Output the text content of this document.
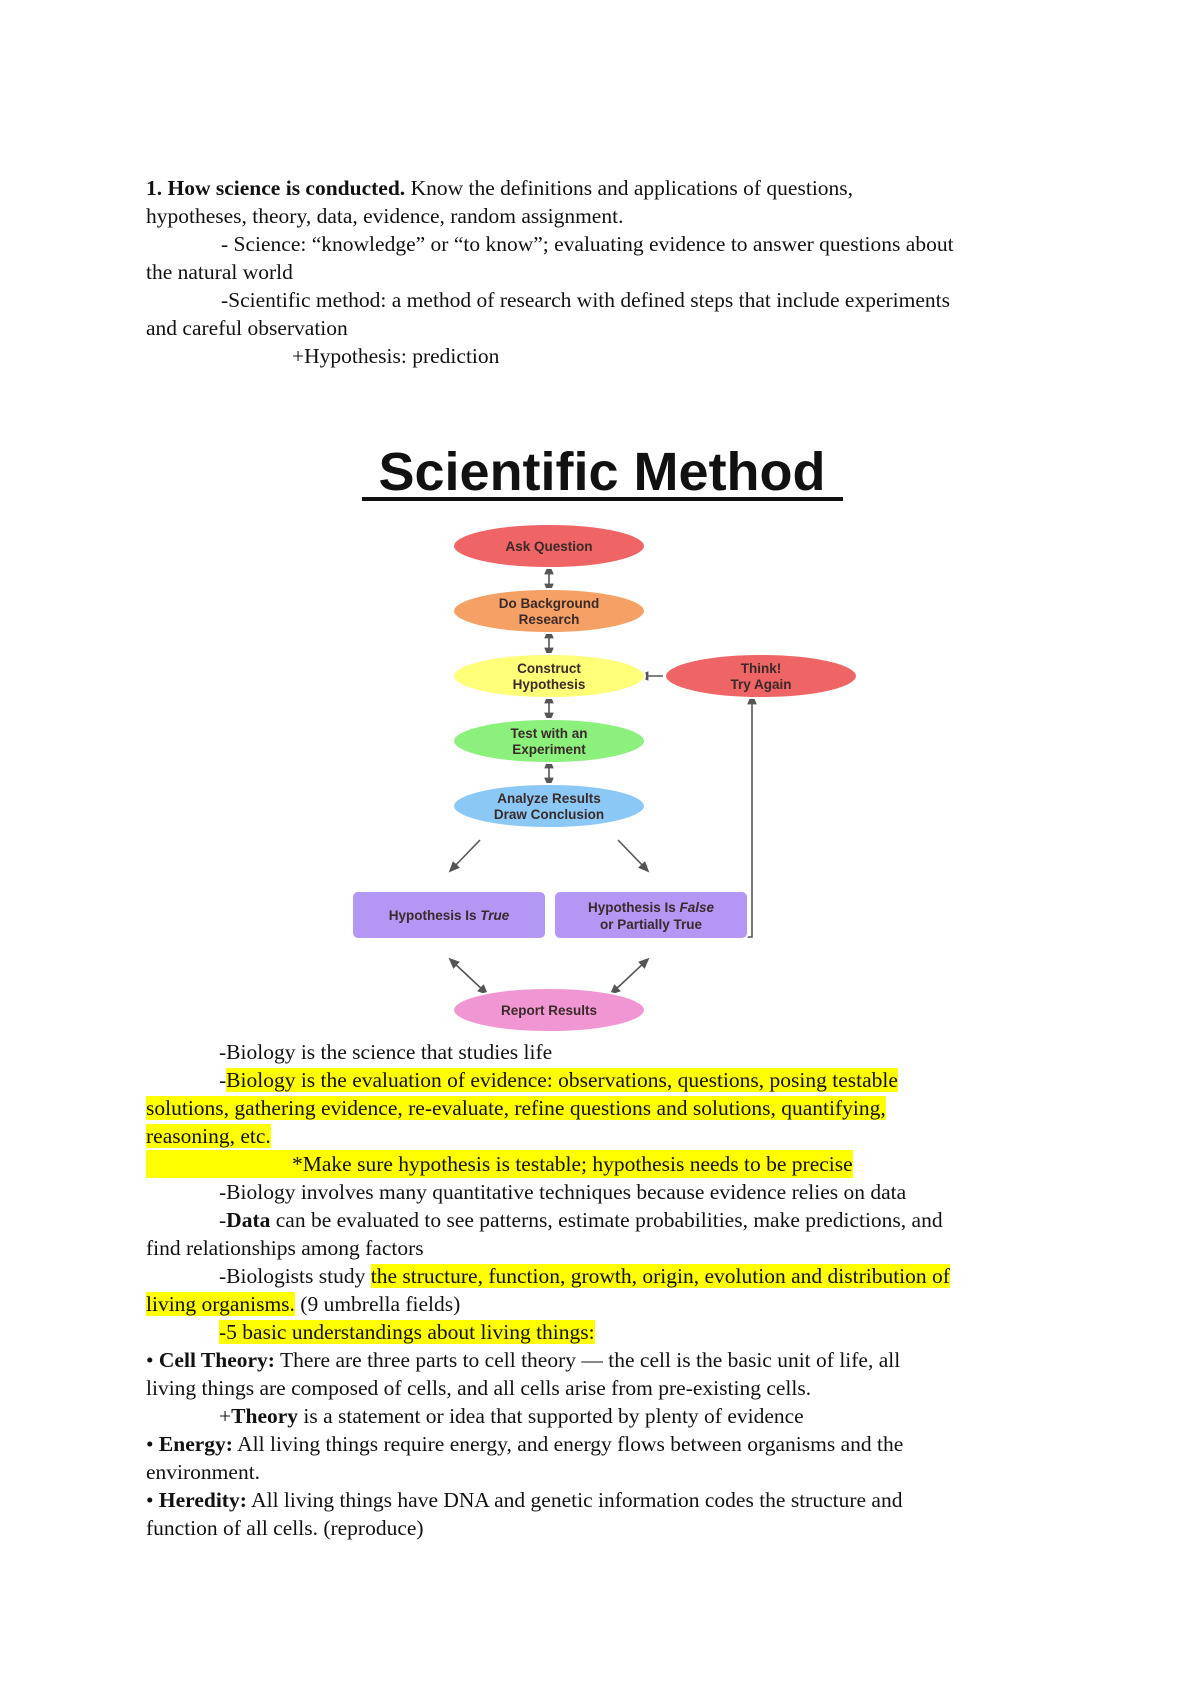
1. How science is conducted. Know the definitions and applications of questions,
hypotheses, theory, data, evidence, random assignment.
- Science: “knowledge” or “to know”; evaluating evidence to answer questions about
the natural world
-Scientific method: a method of research with defined steps that include experiments
and careful observation
+Hypothesis: prediction
Scientific Method
Ask Question
Do Background
Research
Construct
Hypothesis
Think!
Try Again
Test with an
Experiment
Analyze Results
Draw Conclusion
Hypothesis Is True
Hypothesis Is False
or Partially True
Report Results
-Biology is the science that studies life
-Biology is the evaluation of evidence: observations, questions, posing testable
solutions, gathering evidence, re-evaluate, refine questions and solutions, quantifying,
reasoning, etc.
*Make sure hypothesis is testable; hypothesis needs to be precise
-Biology involves many quantitative techniques because evidence relies on data
-Data can be evaluated to see patterns, estimate probabilities, make predictions, and
find relationships among factors
-Biologists study the structure, function, growth, origin, evolution and distribution of
living organisms. (9 umbrella fields)
-5 basic understandings about living things:
• Cell Theory: There are three parts to cell theory — the cell is the basic unit of life, all
living things are composed of cells, and all cells arise from pre-existing cells.
+Theory is a statement or idea that supported by plenty of evidence
• Energy: All living things require energy, and energy flows between organisms and the
environment.
• Heredity: All living things have DNA and genetic information codes the structure and
function of all cells. (reproduce)
